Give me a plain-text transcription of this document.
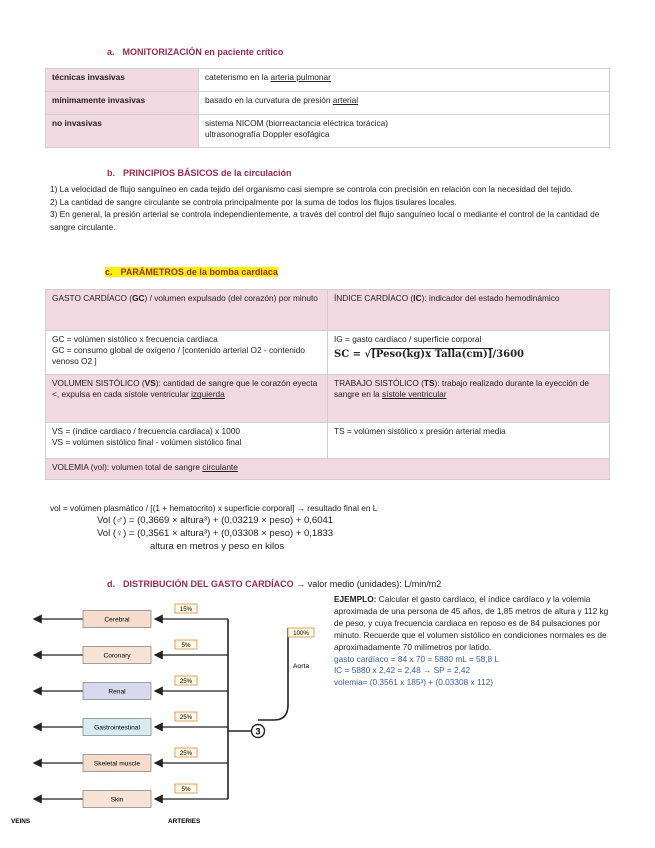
a. MONITORIZACIÓN en paciente crítico
técnicas invasivas	cateterismo en la arteria pulmonar
mínimamente invasivas	basado en la curvatura de presión arterial
no invasivas	sistema NICOM (biorreactancia eléctrica torácica)
ultrasonografía Doppler esofágica
b. PRINCIPIOS BÁSICOS de la circulación
1) La velocidad de flujo sanguíneo en cada tejido del organismo casi siempre se controla con precisión en relación con la necesidad del tejido.
2) La cantidad de sangre circulante se controla principalmente por la suma de todos los flujos tisulares locales.
3) En general, la presión arterial se controla independientemente, a través del control del flujo sanguíneo local o mediante el control de la cantidad de sangre circulante.
c. PARÁMETROS de la bomba cardiaca
GASTO CARDÍACO (GC) / volumen expulsado (del corazón) por minuto	ÍNDICE CARDÍACO (IC): indicador del estado hemodinámico

GC = volúmen sistólico x frecuencia cardiaca
GC = consumo global de oxígeno / [contenido arterial O2 - contenido venoso O2 ]	IG = gasto cardíaco / superficie corporal
SC = √[Peso(kg)x Talla(cm)]/3600

VOLUMEN SISTÓLICO (VS): cantidad de sangre que le corazón eyecta <, expulsa en cada sístole ventricular izquierda	TRABAJO SISTÓLICO (TS): trabajo realizado durante la eyección de sangre en la sístole ventricular

VS = (índice cardiaco / frecuencia cardiaca) x 1000
VS = volúmen sistólico final - volúmen sistólico final	TS = volúmen sistólico x presión arterial media

VOLEMIA (vol): volumen total de sangre circulante	
vol = volúmen plasmático / [(1 + hematocrito) x superficie corporal] → resultado final en L
Vol (♂) = (0,3669 × altura³) + (0,03219 × peso) + 0,6041
Vol (♀) = (0,3561 × altura³) + (0,03308 × peso) + 0,1833
altura en metros y peso en kilos
d. DISTRIBUCIÓN DEL GASTO CARDÍACO → valor medio (unidades): L/min/m2
Cerebral
15%
Coronary
5%
Renal
25%
Gastrointestinal
25%
Skeletal muscle
25%
Skin
5%
3
100%
Aorta
VEINS	ARTERIES
EJEMPLO: Calcular el gasto cardíaco, el índice cardíaco y la volemia aproximada de una persona de 45 años, de 1,85 metros de altura y 112 kg de peso, y cuya frecuencia cardiaca en reposo es de 84 pulsaciones por minuto. Recuerde que el volumen sistólico en condiciones normales es de aproximadamente 70 milímetros por latido.
gasto cardíaco = 84 x 70 = 5880 mL = 58,8 L
IC = 5880 x 2,42 = 2,48 → SP = 2,42
volemia= (0.3561 x 185³) + (0.03308 x 112)
